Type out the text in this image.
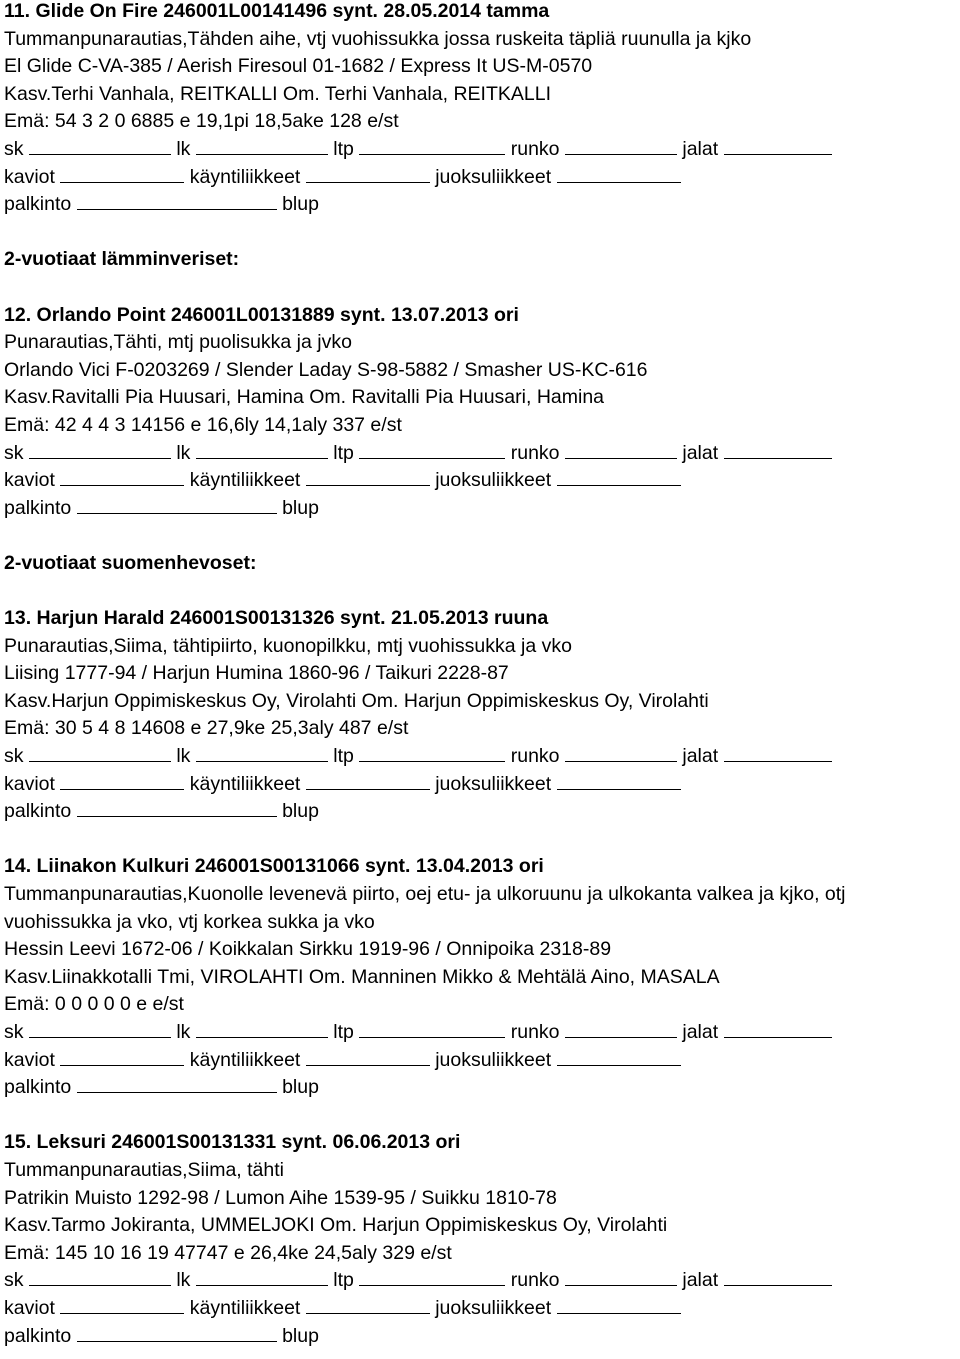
11. Glide On Fire 246001L00141496 synt. 28.05.2014 tamma
Tummanpunarautias,Tähden aihe, vtj vuohissukka jossa ruskeita täpliä ruunulla ja kjko
El Glide C-VA-385 / Aerish Firesoul 01-1682 / Express It US-M-0570
Kasv.Terhi Vanhala, REITKALLI Om. Terhi Vanhala, REITKALLI
Emä: 54 3 2 0 6885 e 19,1pi 18,5ake 128 e/st
sk	lk	ltp	runko	jalat
kaviot	käyntiliikkeet	juoksuliikkeet
palkinto	blup
2-vuotiaat lämminveriset:
12. Orlando Point 246001L00131889 synt. 13.07.2013 ori
Punarautias,Tähti, mtj puolisukka ja jvko
Orlando Vici F-0203269 / Slender Laday S-98-5882 / Smasher US-KC-616
Kasv.Ravitalli Pia Huusari, Hamina Om. Ravitalli Pia Huusari, Hamina
Emä: 42 4 4 3 14156 e 16,6ly 14,1aly 337 e/st
sk	lk	ltp	runko	jalat
kaviot	käyntiliikkeet	juoksuliikkeet
palkinto	blup
2-vuotiaat suomenhevoset:
13. Harjun Harald 246001S00131326 synt. 21.05.2013 ruuna
Punarautias,Siima, tähtipiirto, kuonopilkku, mtj vuohissukka ja vko
Liising 1777-94 / Harjun Humina 1860-96 / Taikuri 2228-87
Kasv.Harjun Oppimiskeskus Oy, Virolahti Om. Harjun Oppimiskeskus Oy, Virolahti
Emä: 30 5 4 8 14608 e 27,9ke 25,3aly 487 e/st
sk	lk	ltp	runko	jalat
kaviot	käyntiliikkeet	juoksuliikkeet
palkinto	blup
14. Liinakon Kulkuri 246001S00131066 synt. 13.04.2013 ori
Tummanpunarautias,Kuonolle levenevä piirto, oej etu- ja ulkoruunu ja ulkokanta valkea ja kjko, otj vuohissukka ja vko, vtj korkea sukka ja vko
Hessin Leevi 1672-06 / Koikkalan Sirkku 1919-96 / Onnipoika 2318-89
Kasv.Liinakkotalli Tmi, VIROLAHTI Om. Manninen Mikko & Mehtälä Aino, MASALA
Emä: 0 0 0 0 0 e e/st
sk	lk	ltp	runko	jalat
kaviot	käyntiliikkeet	juoksuliikkeet
palkinto	blup
15. Leksuri 246001S00131331 synt. 06.06.2013 ori
Tummanpunarautias,Siima, tähti
Patrikin Muisto 1292-98 / Lumon Aihe 1539-95 / Suikku 1810-78
Kasv.Tarmo Jokiranta, UMMELJOKI Om. Harjun Oppimiskeskus Oy, Virolahti
Emä: 145 10 16 19 47747 e 26,4ke 24,5aly 329 e/st
sk	lk	ltp	runko	jalat
kaviot	käyntiliikkeet	juoksuliikkeet
palkinto	blup
